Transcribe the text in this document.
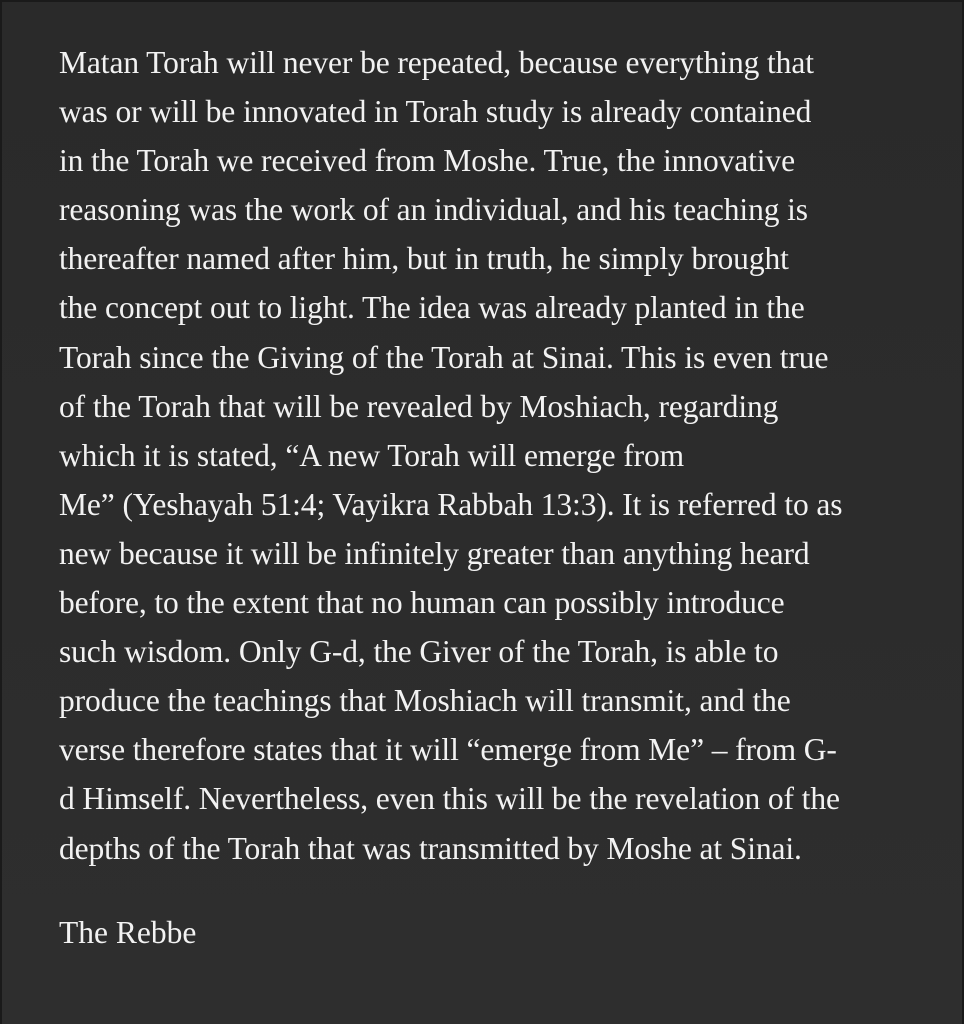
Matan Torah will never be repeated, because everything that
was or will be innovated in Torah study is already contained
in the Torah we received from Moshe. True, the innovative
reasoning was the work of an individual, and his teaching is
thereafter named after him, but in truth, he simply brought
the concept out to light. The idea was already planted in the
Torah since the Giving of the Torah at Sinai. This is even true
of the Torah that will be revealed by Moshiach, regarding
which it is stated, “A new Torah will emerge from
Me” (Yeshayah 51:4; Vayikra Rabbah 13:3). It is referred to as
new because it will be infinitely greater than anything heard
before, to the extent that no human can possibly introduce
such wisdom. Only G-d, the Giver of the Torah, is able to
produce the teachings that Moshiach will transmit, and the
verse therefore states that it will “emerge from Me” – from G-
d Himself. Nevertheless, even this will be the revelation of the
depths of the Torah that was transmitted by Moshe at Sinai.

The Rebbe
